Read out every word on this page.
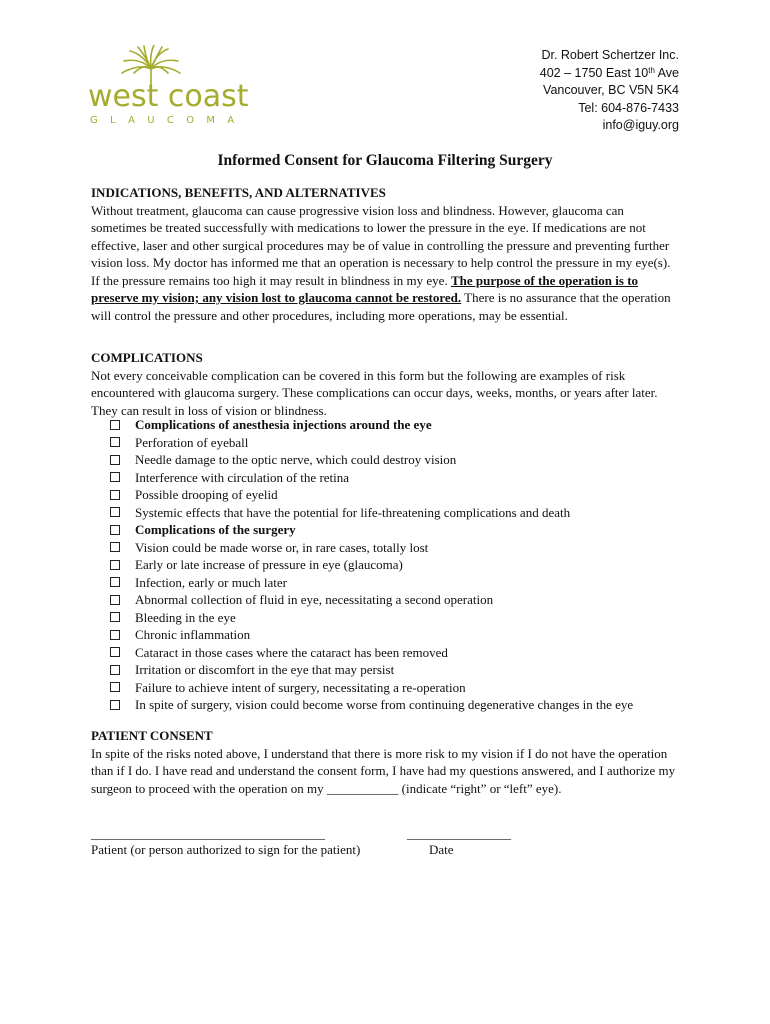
west coast
GLAUCOMA
Dr. Robert Schertzer Inc.
402 – 1750 East 10th Ave
Vancouver, BC V5N 5K4
Tel: 604-876-7433
info@iguy.org
Informed Consent for Glaucoma Filtering Surgery
INDICATIONS, BENEFITS, AND ALTERNATIVES
Without treatment, glaucoma can cause progressive vision loss and blindness. However, glaucoma can sometimes be treated successfully with medications to lower the pressure in the eye. If medications are not effective, laser and other surgical procedures may be of value in controlling the pressure and preventing further vision loss. My doctor has informed me that an operation is necessary to help control the pressure in my eye(s). If the pressure remains too high it may result in blindness in my eye. The purpose of the operation is to preserve my vision; any vision lost to glaucoma cannot be restored. There is no assurance that the operation will control the pressure and other procedures, including more operations, may be essential.
COMPLICATIONS
Not every conceivable complication can be covered in this form but the following are examples of risk encountered with glaucoma surgery. These complications can occur days, weeks, months, or years after later. They can result in loss of vision or blindness.
Complications of anesthesia injections around the eye
Perforation of eyeball
Needle damage to the optic nerve, which could destroy vision
Interference with circulation of the retina
Possible drooping of eyelid
Systemic effects that have the potential for life-threatening complications and death
Complications of the surgery
Vision could be made worse or, in rare cases, totally lost
Early or late increase of pressure in eye (glaucoma)
Infection, early or much later
Abnormal collection of fluid in eye, necessitating a second operation
Bleeding in the eye
Chronic inflammation
Cataract in those cases where the cataract has been removed
Irritation or discomfort in the eye that may persist
Failure to achieve intent of surgery, necessitating a re-operation
In spite of surgery, vision could become worse from continuing degenerative changes in the eye
PATIENT CONSENT
In spite of the risks noted above, I understand that there is more risk to my vision if I do not have the operation than if I do. I have read and understand the consent form, I have had my questions answered, and I authorize my surgeon to proceed with the operation on my ___________ (indicate “right” or “left” eye).
____________________________________
Patient (or person authorized to sign for the patient)
________________
Date
